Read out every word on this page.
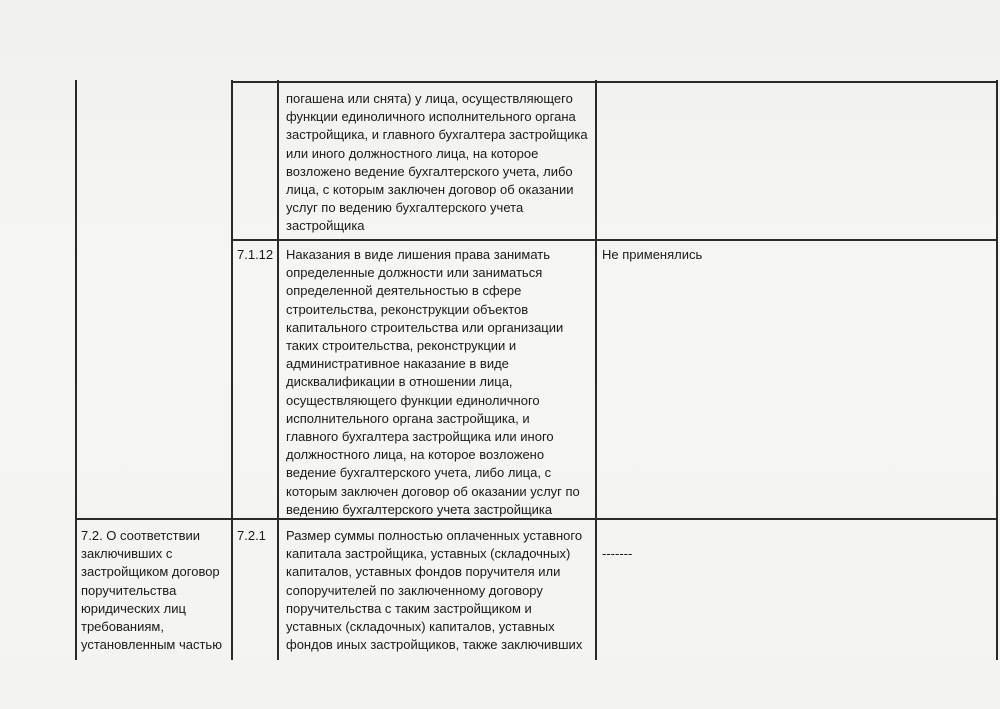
погашена или снята) у лица, осуществляющего
функции единоличного исполнительного органа
застройщика, и главного бухгалтера застройщика
или иного должностного лица, на которое
возложено ведение бухгалтерского учета, либо
лица, с которым заключен договор об оказании
услуг по ведению бухгалтерского учета
застройщика
7.1.12 Наказания в виде лишения права занимать
определенные должности или заниматься
определенной деятельностью в сфере
строительства, реконструкции объектов
капитального строительства или организации
таких строительства, реконструкции и
административное наказание в виде
дисквалификации в отношении лица,
осуществляющего функции единоличного
исполнительного органа застройщика, и
главного бухгалтера застройщика или иного
должностного лица, на которое возложено
ведение бухгалтерского учета, либо лица, с
которым заключен договор об оказании услуг по
ведению бухгалтерского учета застройщика
Не применялись
7.2. О соответствии
заключивших с
застройщиком договор
поручительства
юридических лиц
требованиям,
установленным частью
7.2.1	Размер суммы полностью оплаченных уставного
капитала застройщика, уставных (складочных)
капиталов, уставных фондов поручителя или
сопоручителей по заключенному договору
поручительства с таким застройщиком и
уставных (складочных) капиталов, уставных
фондов иных застройщиков, также заключивших
-------
